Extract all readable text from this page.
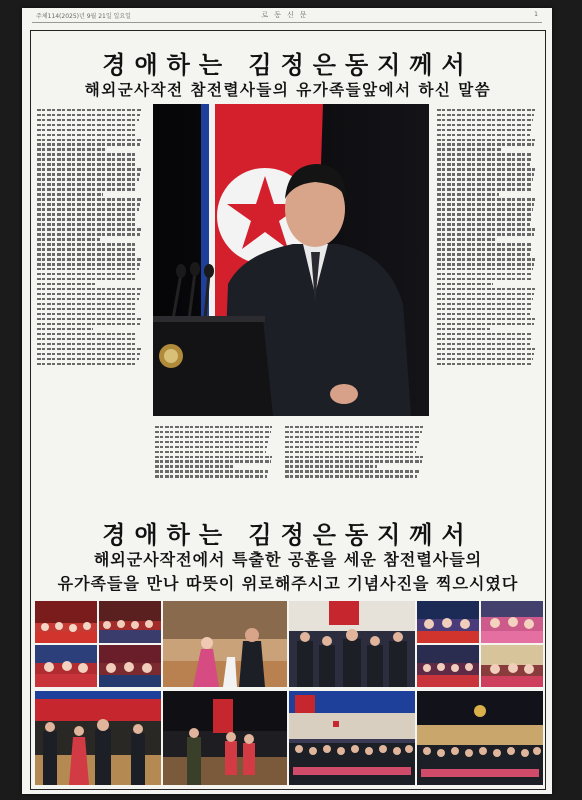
주체114(2025)년 9월 21일 일요일	로동신문	1
경애하는 김정은동지께서
해외군사작전 참전렬사들의 유가족들앞에서 하신 말씀
경애하는 김정은동지께서
해외군사작전에서 특출한 공훈을 세운 참전렬사들의
유가족들을 만나 따뜻이 위로해주시고 기념사진을 찍으시였다
